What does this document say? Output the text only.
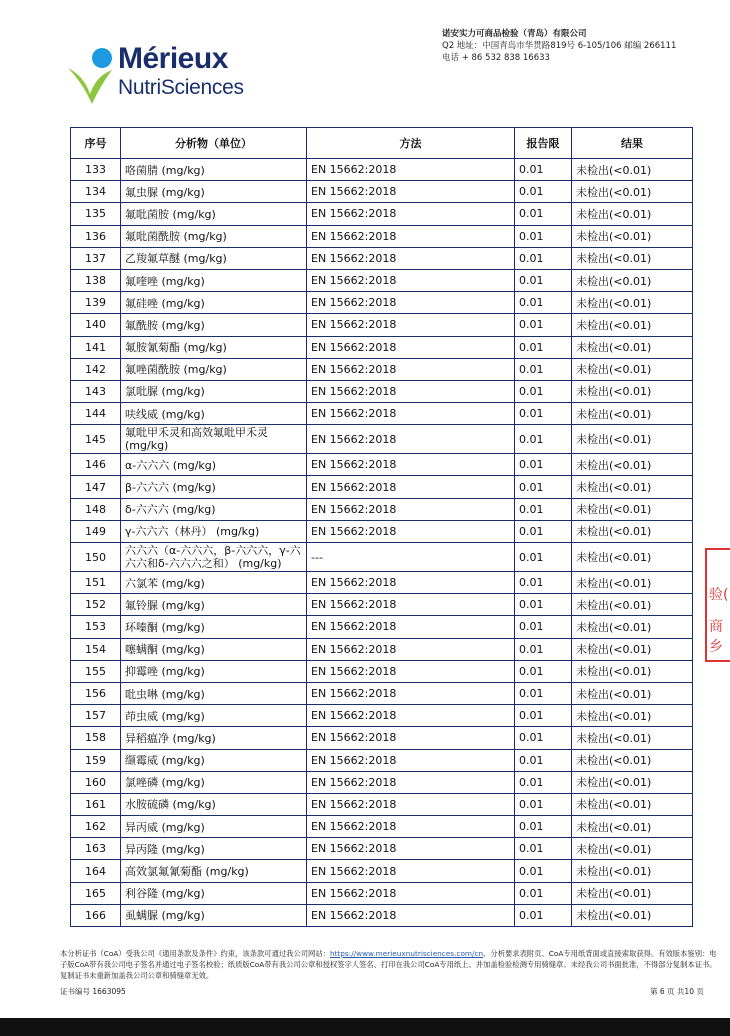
Mérieux
NutriSciences
诺安实力可商品检验（青岛）有限公司
Q2 地址：中国青岛市华贯路819号 6-105/106 邮编 266111
电话 + 86 532 838 16633
序号	分析物（单位）	方法	报告限	结果
133	咯菌腈 (mg/kg)	EN 15662:2018	0.01	未检出(<0.01)
134	氟虫脲 (mg/kg)	EN 15662:2018	0.01	未检出(<0.01)
135	氟吡菌胺 (mg/kg)	EN 15662:2018	0.01	未检出(<0.01)
136	氟吡菌酰胺 (mg/kg)	EN 15662:2018	0.01	未检出(<0.01)
137	乙羧氟草醚 (mg/kg)	EN 15662:2018	0.01	未检出(<0.01)
138	氟喹唑 (mg/kg)	EN 15662:2018	0.01	未检出(<0.01)
139	氟硅唑 (mg/kg)	EN 15662:2018	0.01	未检出(<0.01)
140	氟酰胺 (mg/kg)	EN 15662:2018	0.01	未检出(<0.01)
141	氟胺氰菊酯 (mg/kg)	EN 15662:2018	0.01	未检出(<0.01)
142	氟唑菌酰胺 (mg/kg)	EN 15662:2018	0.01	未检出(<0.01)
143	氯吡脲 (mg/kg)	EN 15662:2018	0.01	未检出(<0.01)
144	呋线威 (mg/kg)	EN 15662:2018	0.01	未检出(<0.01)
145	氟吡甲禾灵和高效氟吡甲禾灵 (mg/kg)	EN 15662:2018	0.01	未检出(<0.01)
146	α-六六六 (mg/kg)	EN 15662:2018	0.01	未检出(<0.01)
147	β-六六六 (mg/kg)	EN 15662:2018	0.01	未检出(<0.01)
148	δ-六六六 (mg/kg)	EN 15662:2018	0.01	未检出(<0.01)
149	γ-六六六（林丹） (mg/kg)	EN 15662:2018	0.01	未检出(<0.01)
150	六六六（α-六六六，β-六六六，γ-六六六和δ-六六六之和） (mg/kg)	---	0.01	未检出(<0.01)
151	六氯苯 (mg/kg)	EN 15662:2018	0.01	未检出(<0.01)
152	氟铃脲 (mg/kg)	EN 15662:2018	0.01	未检出(<0.01)
153	环嗪酮 (mg/kg)	EN 15662:2018	0.01	未检出(<0.01)
154	噻螨酮 (mg/kg)	EN 15662:2018	0.01	未检出(<0.01)
155	抑霉唑 (mg/kg)	EN 15662:2018	0.01	未检出(<0.01)
156	吡虫啉 (mg/kg)	EN 15662:2018	0.01	未检出(<0.01)
157	茚虫威 (mg/kg)	EN 15662:2018	0.01	未检出(<0.01)
158	异稻瘟净 (mg/kg)	EN 15662:2018	0.01	未检出(<0.01)
159	缬霉威 (mg/kg)	EN 15662:2018	0.01	未检出(<0.01)
160	氯唑磷 (mg/kg)	EN 15662:2018	0.01	未检出(<0.01)
161	水胺硫磷 (mg/kg)	EN 15662:2018	0.01	未检出(<0.01)
162	异丙威 (mg/kg)	EN 15662:2018	0.01	未检出(<0.01)
163	异丙隆 (mg/kg)	EN 15662:2018	0.01	未检出(<0.01)
164	高效氯氟氰菊酯 (mg/kg)	EN 15662:2018	0.01	未检出(<0.01)
165	利谷隆 (mg/kg)	EN 15662:2018	0.01	未检出(<0.01)
166	虱螨脲 (mg/kg)	EN 15662:2018	0.01	未检出(<0.01)
验(
商乡
本分析证书（CoA）受我公司《通用条款及条件》约束，该条款可通过我公司网站：https://www.merieuxnutrisciences.com/cn、分析要求表附页、CoA专用纸背面或直接索取获得。有效版本鉴别：电子版CoA带有我公司电子签名并通过电子签名校验；纸质版CoA带有我公司公章和授权签字人签名、打印在我公司CoA专用纸上、并加盖检验检测专用骑缝章。未经我公司书面批准，不得部分复制本证书。复制证书未重新加盖我公司公章和骑缝章无效。
证书编号 1663095	第 6 页 共10 页
